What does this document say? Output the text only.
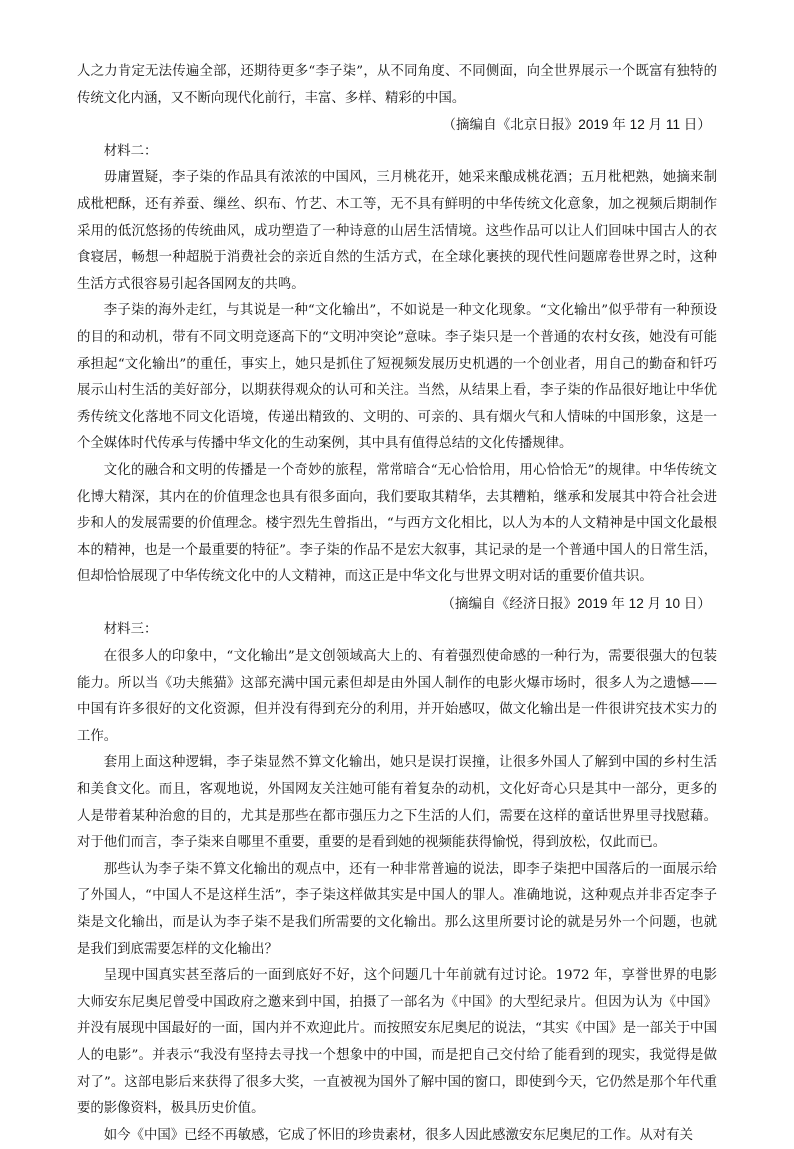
人之力肯定无法传遍全部，还期待更多“李子柒”，从不同角度、不同侧面，向全世界展示一个既富有独特的传统文化内涵，又不断向现代化前行，丰富、多样、精彩的中国。

（摘编自《北京日报》2019 年 12 月 11 日）

材料二：

毋庸置疑，李子柒的作品具有浓浓的中国风，三月桃花开，她采来酿成桃花酒；五月枇杷熟，她摘来制成枇杷酥，还有养蚕、缫丝、织布、竹艺、木工等，无不具有鲜明的中华传统文化意象，加之视频后期制作采用的低沉悠扬的传统曲风，成功塑造了一种诗意的山居生活情境。这些作品可以让人们回味中国古人的衣食寝居，畅想一种超脱于消费社会的亲近自然的生活方式，在全球化裹挟的现代性问题席卷世界之时，这种生活方式很容易引起各国网友的共鸣。

李子柒的海外走红，与其说是一种“文化输出”，不如说是一种文化现象。“文化输出”似乎带有一种预设的目的和动机，带有不同文明竞逐高下的“文明冲突论”意味。李子柒只是一个普通的农村女孩，她没有可能承担起“文化输出”的重任，事实上，她只是抓住了短视频发展历史机遇的一个创业者，用自己的勤奋和钎巧展示山村生活的美好部分，以期获得观众的认可和关注。当然，从结果上看，李子柒的作品很好地让中华优秀传统文化落地不同文化语境，传递出精致的、文明的、可亲的、具有烟火气和人情味的中国形象，这是一个全媒体时代传承与传播中华文化的生动案例，其中具有值得总结的文化传播规律。

文化的融合和文明的传播是一个奇妙的旅程，常常暗合“无心恰恰用，用心恰恰无”的规律。中华传统文化博大精深，其内在的价值理念也具有很多面向，我们要取其精华，去其糟粕，继承和发展其中符合社会进步和人的发展需要的价值理念。楼宇烈先生曾指出，“与西方文化相比，以人为本的人文精神是中国文化最根本的精神，也是一个最重要的特征”。李子柒的作品不是宏大叙事，其记录的是一个普通中国人的日常生活，但却恰恰展现了中华传统文化中的人文精神，而这正是中华文化与世界文明对话的重要价值共识。

（摘编自《经济日报》2019 年 12 月 10 日）

材料三：

在很多人的印象中，“文化输出”是文创领域高大上的、有着强烈使命感的一种行为，需要很强大的包装能力。所以当《功夫熊猫》这部充满中国元素但却是由外国人制作的电影火爆市场时，很多人为之遗憾——中国有许多很好的文化资源，但并没有得到充分的利用，并开始感叹，做文化输出是一件很讲究技术实力的工作。

套用上面这种逻辑，李子柒显然不算文化输出，她只是误打误撞，让很多外国人了解到中国的乡村生活和美食文化。而且，客观地说，外国网友关注她可能有着复杂的动机，文化好奇心只是其中一部分，更多的人是带着某种治愈的目的，尤其是那些在都市强压力之下生活的人们，需要在这样的童话世界里寻找慰藉。对于他们而言，李子柒来自哪里不重要，重要的是看到她的视频能获得愉悦，得到放松，仅此而已。

那些认为李子柒不算文化输出的观点中，还有一种非常普遍的说法，即李子柒把中国落后的一面展示给了外国人，“中国人不是这样生活”，李子柒这样做其实是中国人的罪人。准确地说，这种观点并非否定李子柒是文化输出，而是认为李子柒不是我们所需要的文化输出。那么这里所要讨论的就是另外一个问题，也就是我们到底需要怎样的文化输出？

呈现中国真实甚至落后的一面到底好不好，这个问题几十年前就有过讨论。1972 年，享誉世界的电影大师安东尼奥尼曾受中国政府之邀来到中国，拍摄了一部名为《中国》的大型纪录片。但因为认为《中国》并没有展现中国最好的一面，国内并不欢迎此片。而按照安东尼奥尼的说法，“其实《中国》是一部关于中国人的电影”。并表示“我没有坚持去寻找一个想象中的中国，而是把自己交付给了能看到的现实，我觉得是做对了”。这部电影后来获得了很多大奖，一直被视为国外了解中国的窗口，即使到今天，它仍然是那个年代重要的影像资料，极具历史价值。

如今《中国》已经不再敏感，它成了怀旧的珍贵素材，很多人因此感激安东尼奥尼的工作。从对有关
